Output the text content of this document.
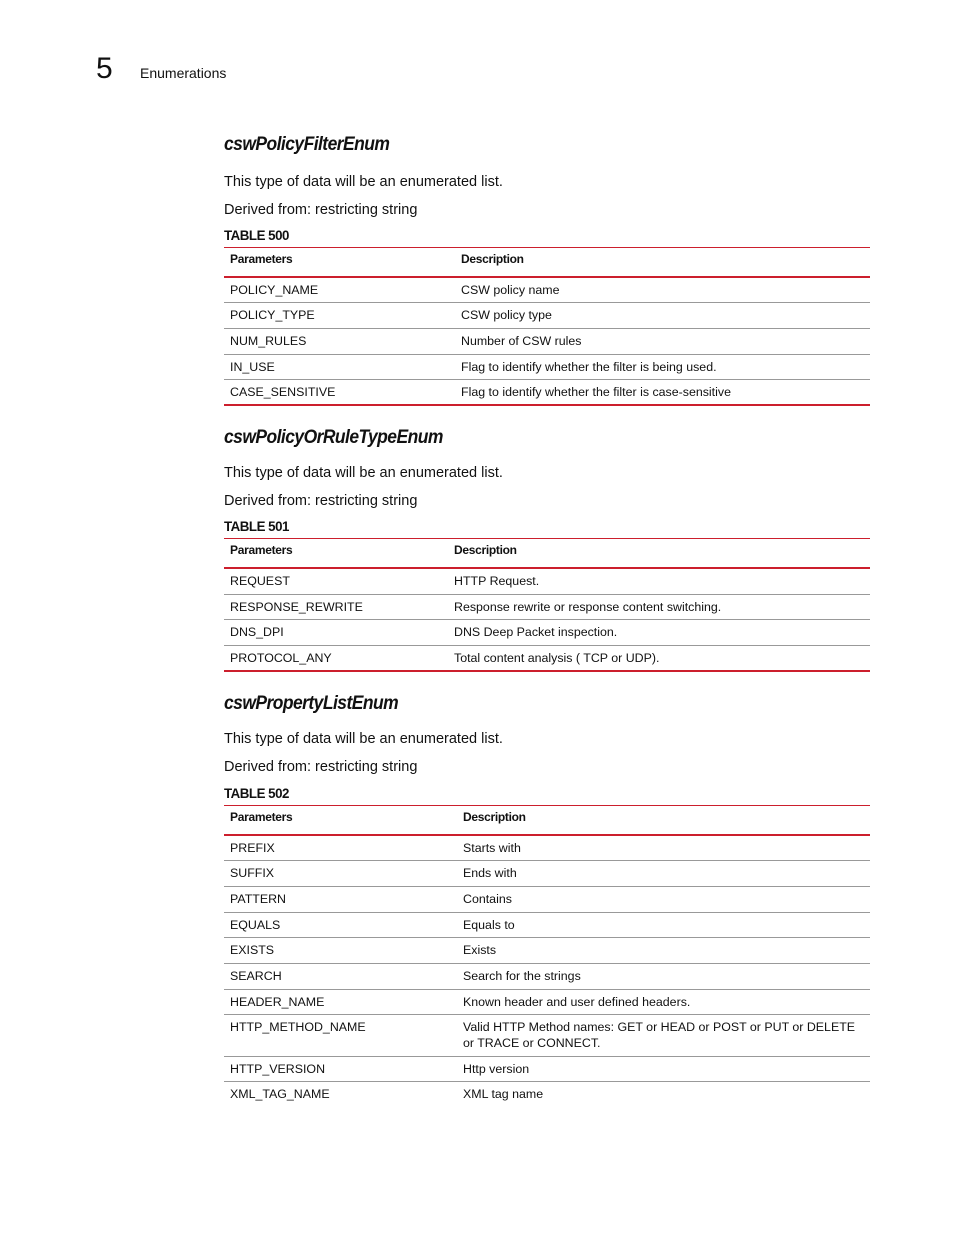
5 Enumerations
cswPolicyFilterEnum

This type of data will be an enumerated list.

Derived from: restricting string

TABLE 500
Parameters	Description
POLICY_NAME	CSW policy name
POLICY_TYPE	CSW policy type
NUM_RULES	Number of CSW rules
IN_USE	Flag to identify whether the filter is being used.
CASE_SENSITIVE	Flag to identify whether the filter is case-sensitive
cswPolicyOrRuleTypeEnum

This type of data will be an enumerated list.

Derived from: restricting string

TABLE 501
Parameters	Description
REQUEST	HTTP Request.
RESPONSE_REWRITE	Response rewrite or response content switching.
DNS_DPI	DNS Deep Packet inspection.
PROTOCOL_ANY	Total content analysis ( TCP or UDP).
cswPropertyListEnum

This type of data will be an enumerated list.

Derived from: restricting string

TABLE 502
Parameters	Description
PREFIX	Starts with
SUFFIX	Ends with
PATTERN	Contains
EQUALS	Equals to
EXISTS	Exists
SEARCH	Search for the strings
HEADER_NAME	Known header and user defined headers.
HTTP_METHOD_NAME	Valid HTTP Method names: GET or HEAD or POST or PUT or DELETE or TRACE or CONNECT.
HTTP_VERSION	Http version
XML_TAG_NAME	XML tag name
